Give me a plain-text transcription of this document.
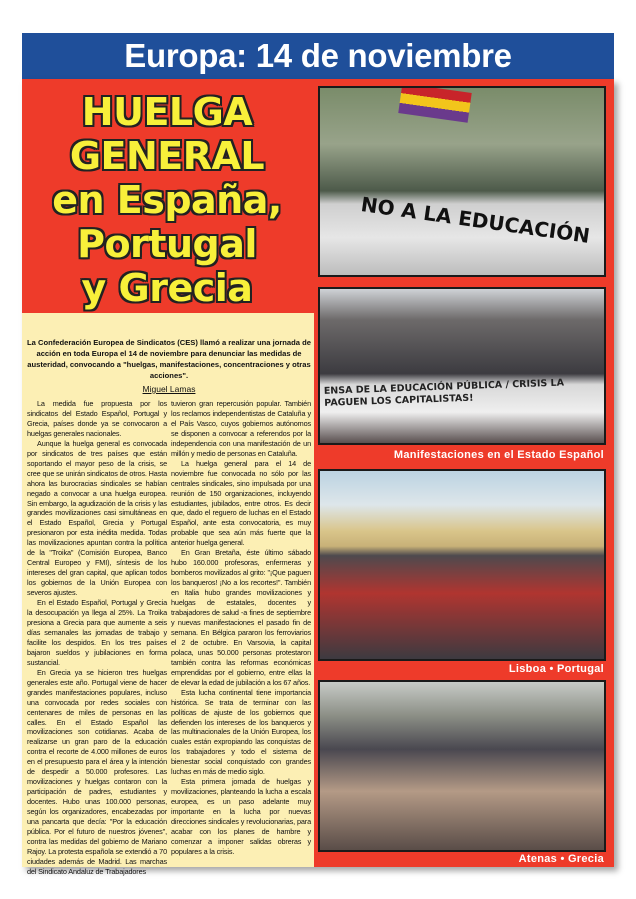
Europa: 14 de noviembre
HUELGA
GENERAL
en España,
Portugal
y Grecia
La Confederación Europea de Sindicatos (CES) llamó a realizar una jornada de acción en toda Europa el 14 de noviembre para denunciar las medidas de austeridad, convocando a "huelgas, manifestaciones, concentraciones y otras acciones".
Miguel Lamas

La medida fue propuesta por los sindicatos del Estado Español, Portugal y Grecia, países donde ya se convocaron a huelgas generales nacionales.

Aunque la huelga general es convocada por sindicatos de tres países que están soportando el mayor peso de la crisis, se cree que se unirán sindicatos de otros. Hasta ahora las burocracias sindicales se habían negado a convocar a una huelga europea. Sin embargo, la agudización de la crisis y las grandes movilizaciones casi simultáneas en el Estado Español, Grecia y Portugal presionaron por esta inédita medida. Todas las movilizaciones apuntan contra la política de la "Troika" (Comisión Europea, Banco Central Europeo y FMI), síntesis de los intereses del gran capital, que aplican todos los gobiernos de la Unión Europea con severos ajustes.

En el Estado Español, Portugal y Grecia la desocupación ya llega al 25%. La Troika presiona a Grecia para que aumente a seis días semanales las jornadas de trabajo y facilite los despidos. En los tres países bajaron sueldos y jubilaciones en forma sustancial.

En Grecia ya se hicieron tres huelgas generales este año. Portugal viene de hacer grandes manifestaciones populares, incluso una convocada por redes sociales con centenares de miles de personas en las calles. En el Estado Español las movilizaciones son cotidianas. Acaba de realizarse un gran paro de la educación contra el recorte de 4.000 millones de euros en el presupuesto para el área y la intención de despedir a 50.000 profesores. Las movilizaciones y huelgas contaron con la participación de padres, estudiantes y docentes. Hubo unas 100.000 personas, según los organizadores, encabezadas por una pancarta que decía: "Por la educación pública. Por el futuro de nuestros jóvenes", contra las medidas del gobierno de Mariano Rajoy. La protesta española se extendió a 70 ciudades además de Madrid. Las marchas del Sindicato Andaluz de Trabajadores

tuvieron gran repercusión popular. También los reclamos independentistas de Cataluña y el País Vasco, cuyos gobiernos autónomos se disponen a convocar a referendos por la independencia con una manifestación de un millón y medio de personas en Cataluña.

La huelga general para el 14 de noviembre fue convocada no sólo por las centrales sindicales, sino impulsada por una reunión de 150 organizaciones, incluyendo estudiantes, jubilados, entre otros. Es decir que, dado el reguero de luchas en el Estado Español, ante esta convocatoria, es muy probable que sea aún más fuerte que la anterior huelga general.

En Gran Bretaña, éste último sábado hubo 160.000 profesoras, enfermeras y bomberos movilizados al grito: "¡Que paguen los banqueros! ¡No a los recortes!". También en Italia hubo grandes movilizaciones y huelgas de estatales, docentes y trabajadores de salud -a fines de septiembre y nuevas manifestaciones el pasado fin de semana. En Bélgica pararon los ferroviarios el 2 de octubre. En Varsovia, la capital polaca, unas 50.000 personas protestaron también contra las reformas económicas emprendidas por el gobierno, entre ellas la de elevar la edad de jubilación a los 67 años.

Esta lucha continental tiene importancia histórica. Se trata de terminar con las políticas de ajuste de los gobiernos que defienden los intereses de los banqueros y las multinacionales de la Unión Europea, los cuales están expropiando las conquistas de los trabajadores y todo el sistema de bienestar social conquistado con grandes luchas en más de medio siglo.

Esta primera jornada de huelgas y movilizaciones, planteando la lucha a escala europea, es un paso adelante muy importante en la lucha por nuevas direcciones sindicales y revolucionarias, para acabar con los planes de hambre y comenzar a imponer salidas obreras y populares a la crisis.

NO A LA EDUCACIÓN
ENSA DE LA EDUCACIÓN PÚBLICA / CRISIS LA PAGUEN LOS CAPITALISTAS!
Manifestaciones en el Estado Español
Lisboa • Portugal
Atenas • Grecia
